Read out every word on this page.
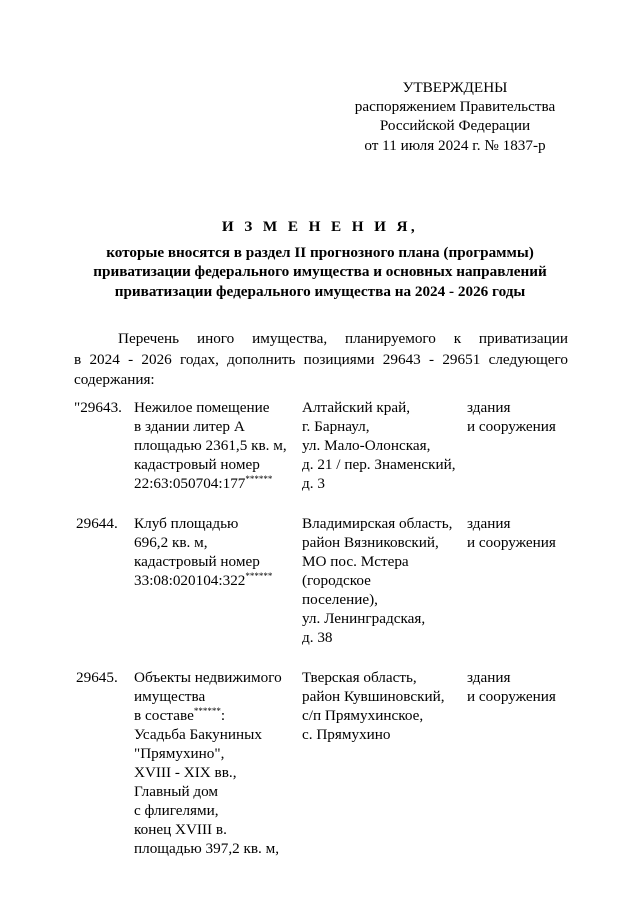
УТВЕРЖДЕНЫ
распоряжением Правительства
Российской Федерации
от 11 июля 2024 г. № 1837-р
И З М Е Н Е Н И Я,
которые вносятся в раздел II прогнозного плана (программы)
приватизации федерального имущества и основных направлений
приватизации федерального имущества на 2024 - 2026 годы
Перечень иного имущества, планируемого к приватизации
в 2024 - 2026 годах, дополнить позициями 29643 - 29651 следующего
содержания:
"29643. Нежилое помещение
в здании литер А
площадью 2361,5 кв. м,
кадастровый номер
22:63:050704:177******
Алтайский край,
г. Барнаул,
ул. Мало-Олонская,
д. 21 / пер. Знаменский,
д. 3
здания
и сооружения
29644.	Клуб площадью
696,2 кв. м,
кадастровый номер
33:08:020104:322******
Владимирская область,
район Вязниковский,
МО пос. Мстера
(городское
поселение),
ул. Ленинградская,
д. 38
здания
и сооружения
29645.	Объекты недвижимого
имущества
в составе******:
Усадьба Бакуниных
"Прямухино",
XVIII - XIX вв.,
Главный дом
с флигелями,
конец XVIII в.
площадью 397,2 кв. м,
Тверская область,
район Кувшиновский,
с/п Прямухинское,
с. Прямухино
здания
и сооружения
